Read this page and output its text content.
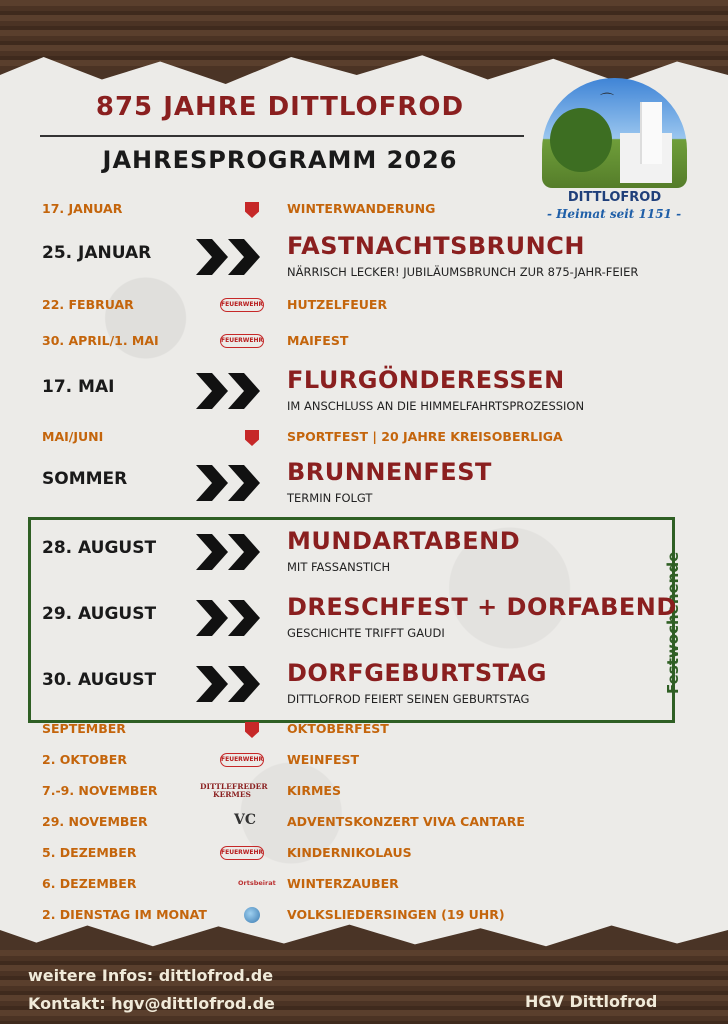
875 JAHRE DITTLOFROD
JAHRESPROGRAMM 2026
⌒
DITTLOFROD
- Heimat seit 1151 -
Festwochenende
17. JANUAR	WINTERWANDERUNG
25. JANUAR	FASTNACHTSBRUNCH
NÄRRISCH LECKER! JUBILÄUMSBRUNCH ZUR 875-JAHR-FEIER
22. FEBRUAR	HUTZELFEUER
FEUERWEHR
30. APRIL/1. MAI	MAIFEST
FEUERWEHR
17. MAI	FLURGÖNDERESSEN
IM ANSCHLUSS AN DIE HIMMELFAHRTSPROZESSION
MAI/JUNI	SPORTFEST | 20 JAHRE KREISOBERLIGA
SOMMER	BRUNNENFEST
TERMIN FOLGT
28. AUGUST	MUNDARTABEND
MIT FASSANSTICH
29. AUGUST	DRESCHFEST + DORFABEND
GESCHICHTE TRIFFT GAUDI
30. AUGUST	DORFGEBURTSTAG
DITTLOFROD FEIERT SEINEN GEBURTSTAG
SEPTEMBER	OKTOBERFEST
2. OKTOBER	WEINFEST
FEUERWEHR
7.-9. NOVEMBER	KIRMES
DITTLEFREDER KERMES
29. NOVEMBER	ADVENTSKONZERT VIVA CANTARE
VC
5. DEZEMBER	KINDERNIKOLAUS
FEUERWEHR
6. DEZEMBER	WINTERZAUBER
Ortsbeirat
2. DIENSTAG IM MONAT	VOLKSLIEDERSINGEN (19 UHR)
weitere Infos: dittlofrod.de
Kontakt: hgv@dittlofrod.de	HGV Dittlofrod
